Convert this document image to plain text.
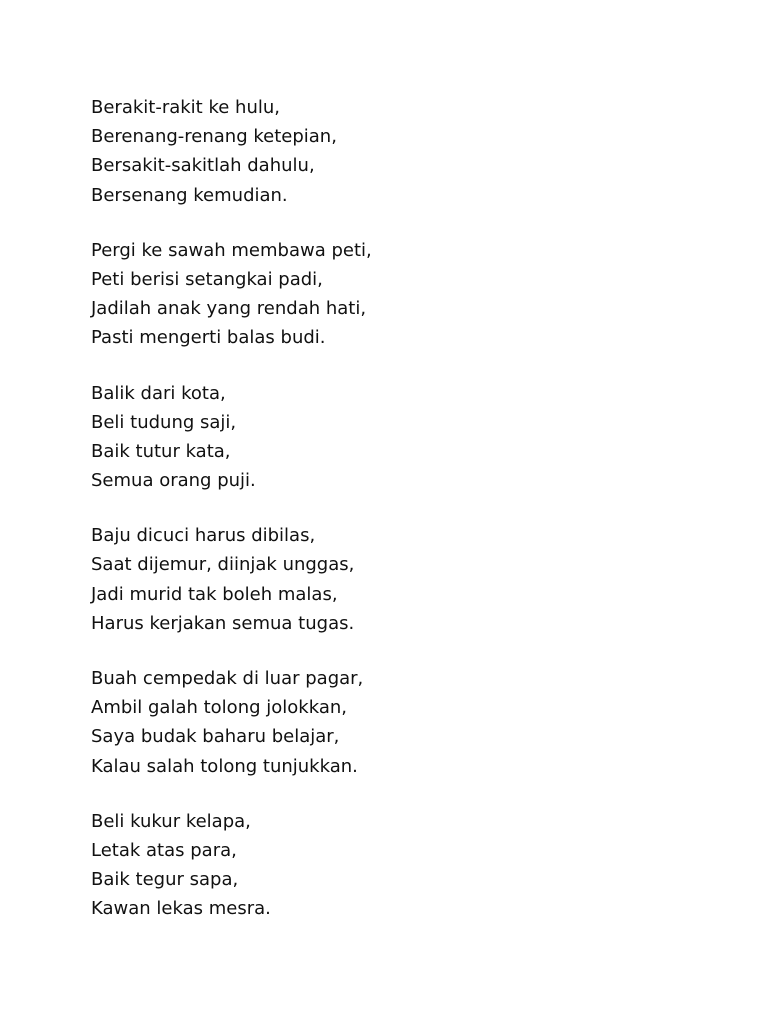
Berakit-rakit ke hulu,
Berenang-renang ketepian,
Bersakit-sakitlah dahulu,
Bersenang kemudian.
Pergi ke sawah membawa peti,
Peti berisi setangkai padi,
Jadilah anak yang rendah hati,
Pasti mengerti balas budi.
Balik dari kota,
Beli tudung saji,
Baik tutur kata,
Semua orang puji.
Baju dicuci harus dibilas,
Saat dijemur, diinjak unggas,
Jadi murid tak boleh malas,
Harus kerjakan semua tugas.
Buah cempedak di luar pagar,
Ambil galah tolong jolokkan,
Saya budak baharu belajar,
Kalau salah tolong tunjukkan.
Beli kukur kelapa,
Letak atas para,
Baik tegur sapa,
Kawan lekas mesra.
